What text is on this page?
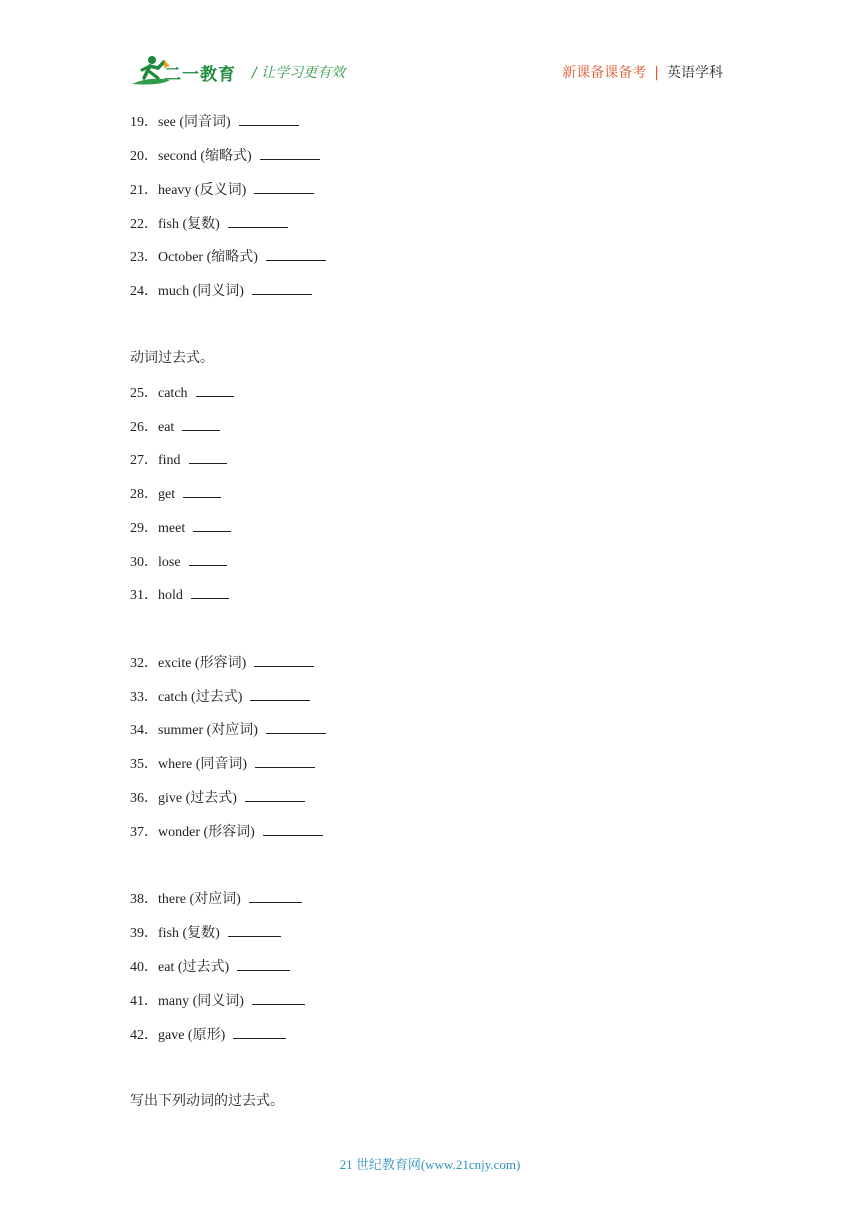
二一教育 / 让学习更有效	新课备课备考 | 英语学科
19．see (同音词)
20．second (缩略式)
21．heavy (反义词)
22．fish (复数)
23．October (缩略式)
24．much (同义词)
动词过去式。
25．catch
26．eat
27．find
28．get
29．meet
30．lose
31．hold
32．excite (形容词)
33．catch (过去式)
34．summer (对应词)
35．where (同音词)
36．give (过去式)
37．wonder (形容词)
38．there (对应词)
39．fish (复数)
40．eat (过去式)
41．many (同义词)
42．gave (原形)
写出下列动词的过去式。
21 世纪教育网(www.21cnjy.com)
